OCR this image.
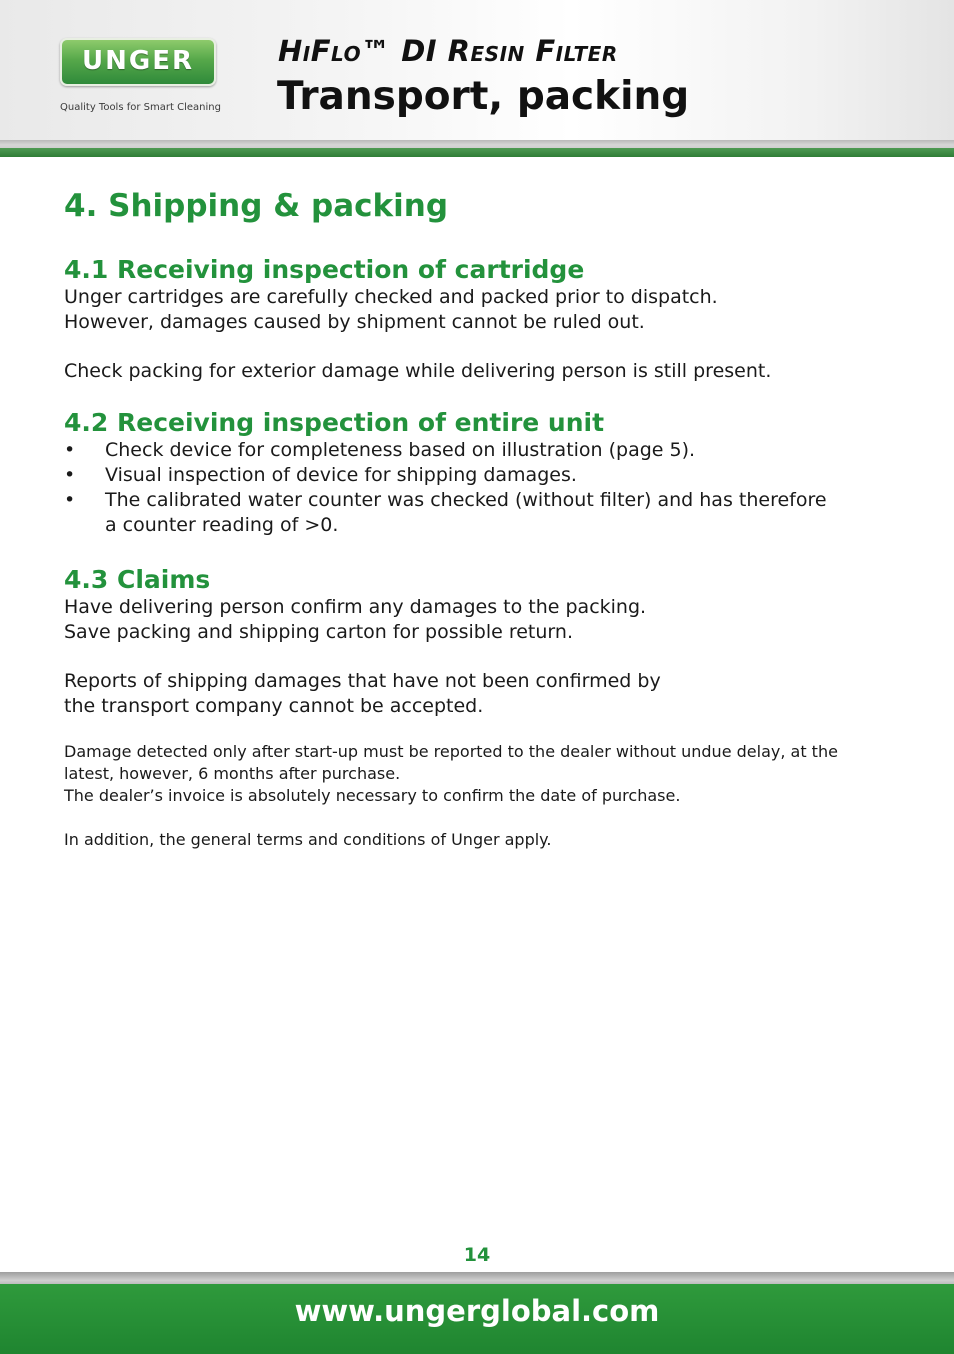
UNGER
Quality Tools for Smart Cleaning
HIFLO™ DI RESIN FILTER
Transport, packing
4. Shipping & packing
4.1 Receiving inspection of cartridge

Unger cartridges are carefully checked and packed prior to dispatch.

However, damages caused by shipment cannot be ruled out.

Check packing for exterior damage while delivering person is still present.

4.2 Receiving inspection of entire unit
• Check device for completeness based on illustration (page 5).
• Visual inspection of device for shipping damages.
• The calibrated water counter was checked (without filter) and has therefore
a counter reading of >0.
4.3 Claims

Have delivering person confirm any damages to the packing.

Save packing and shipping carton for possible return.

Reports of shipping damages that have not been confirmed by

the transport company cannot be accepted.

Damage detected only after start-up must be reported to the dealer without undue delay, at the

latest, however, 6 months after purchase.

The dealer’s invoice is absolutely necessary to confirm the date of purchase.

In addition, the general terms and conditions of Unger apply.

14
www.ungerglobal.com
